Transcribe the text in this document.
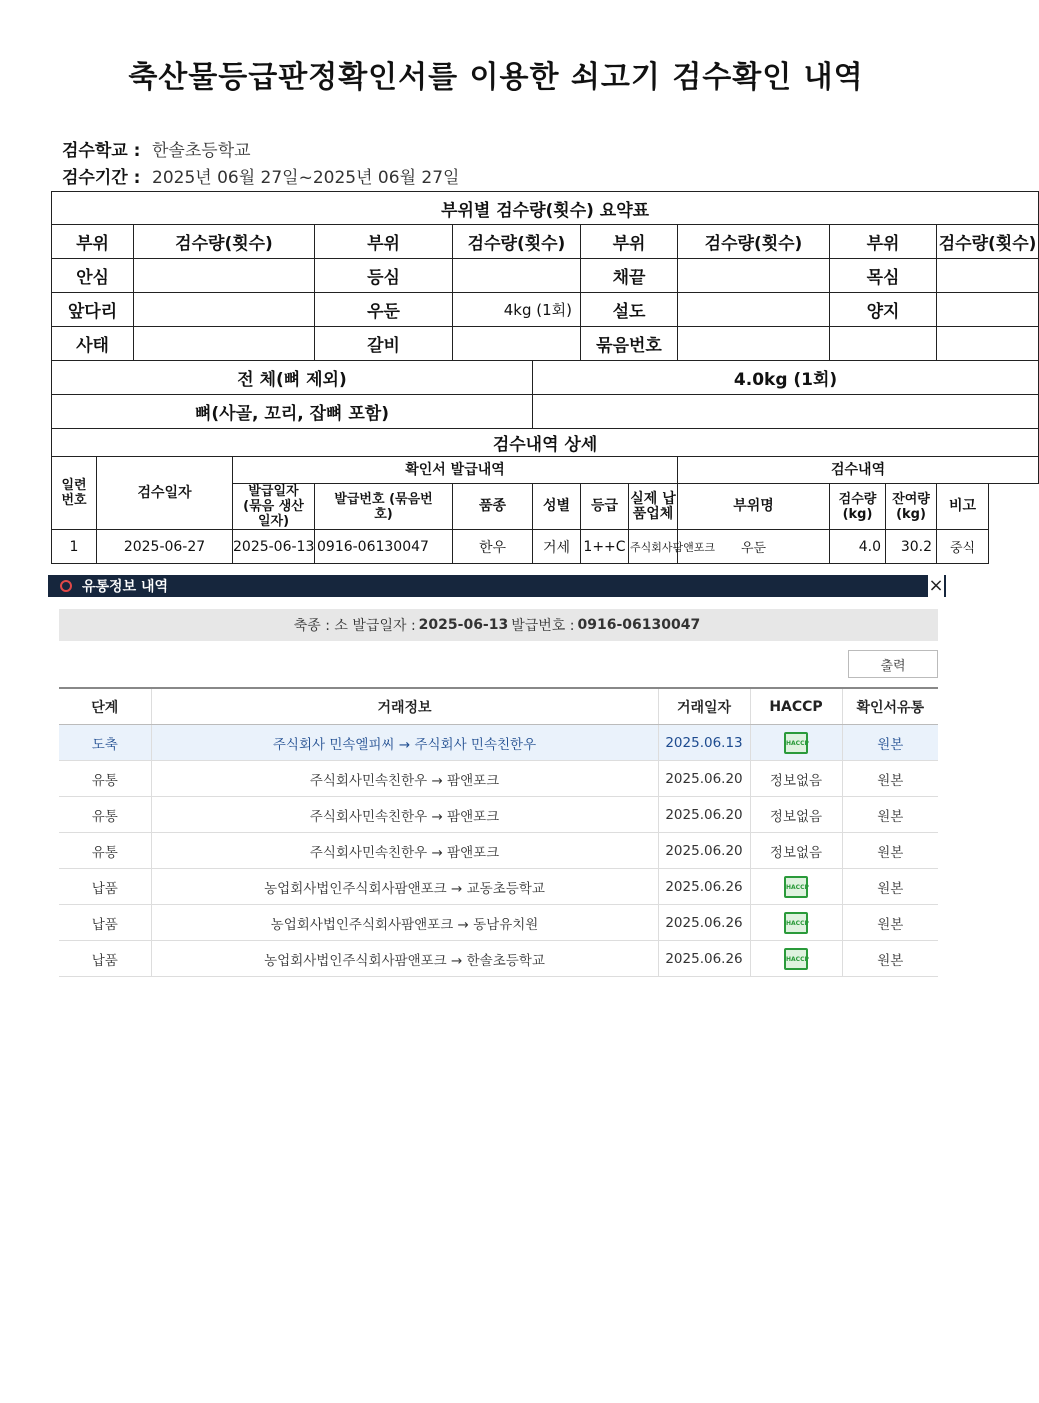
축산물등급판정확인서를 이용한 쇠고기 검수확인 내역
검수학교 : 한솔초등학교
검수기간 : 2025년 06월 27일~2025년 06월 27일
부위별 검수량(횟수) 요약표												
부위		검수량(횟수)		부위	검수량(횟수)		부위		검수량(횟수)	부위		검수량(횟수)
안심				등심			채끝			목심		
앞다리				우둔	4kg (1회)		설도			양지		
사태				갈비			묶음번호					
전 체(뼈 제외)						4.0kg (1회)						
뼈(사골, 꼬리, 잡뼈 포함)												
검수내역 상세												
일련번호	검수일자		확인서 발급내역						검수내역			
			발급일자 (묶음 생산일자)	발급번호 (묶음번호)	품종	성별	등급	실제 납품업체	부위명	검수량 (kg)	잔여량 (kg)	비고
1	2025-06-27		2025-06-13	0916-06130047	한우	거세	1++C	주식회사팜앤포크	우둔	4.0	30.2	중식
유통정보 내역	×
축종 : 소 발급일자 : 2025-06-13 발급번호 : 0916-06130047
출력
단계	거래정보	거래일자	HACCP	확인서유통
도축	주식회사 민속엘피씨 → 주식회사 민속친한우	2025.06.13	HACCP	원본
유통	주식회사민속친한우 → 팜앤포크	2025.06.20	정보없음	원본
유통	주식회사민속친한우 → 팜앤포크	2025.06.20	정보없음	원본
유통	주식회사민속친한우 → 팜앤포크	2025.06.20	정보없음	원본
납품	농업회사법인주식회사팜앤포크 → 교동초등학교	2025.06.26	HACCP	원본
납품	농업회사법인주식회사팜앤포크 → 동남유치원	2025.06.26	HACCP	원본
납품	농업회사법인주식회사팜앤포크 → 한솔초등학교	2025.06.26	HACCP	원본
